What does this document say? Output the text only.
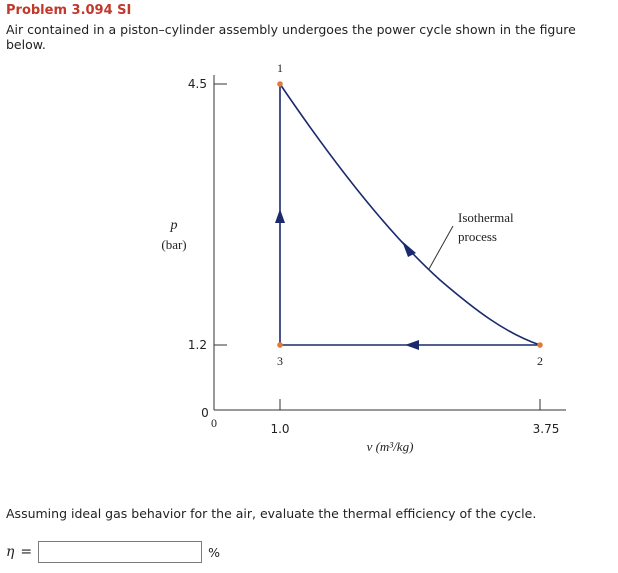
Problem 3.094 SI
Air contained in a piston–cylinder assembly undergoes the power cycle shown in the figure below.
4.5
1.2
1.0	3.75
0
0
p
(bar)
v (m³/kg)
1
2
3
Isothermal
process
Assuming ideal gas behavior for the air, evaluate the thermal efficiency of the cycle.
η =	%
